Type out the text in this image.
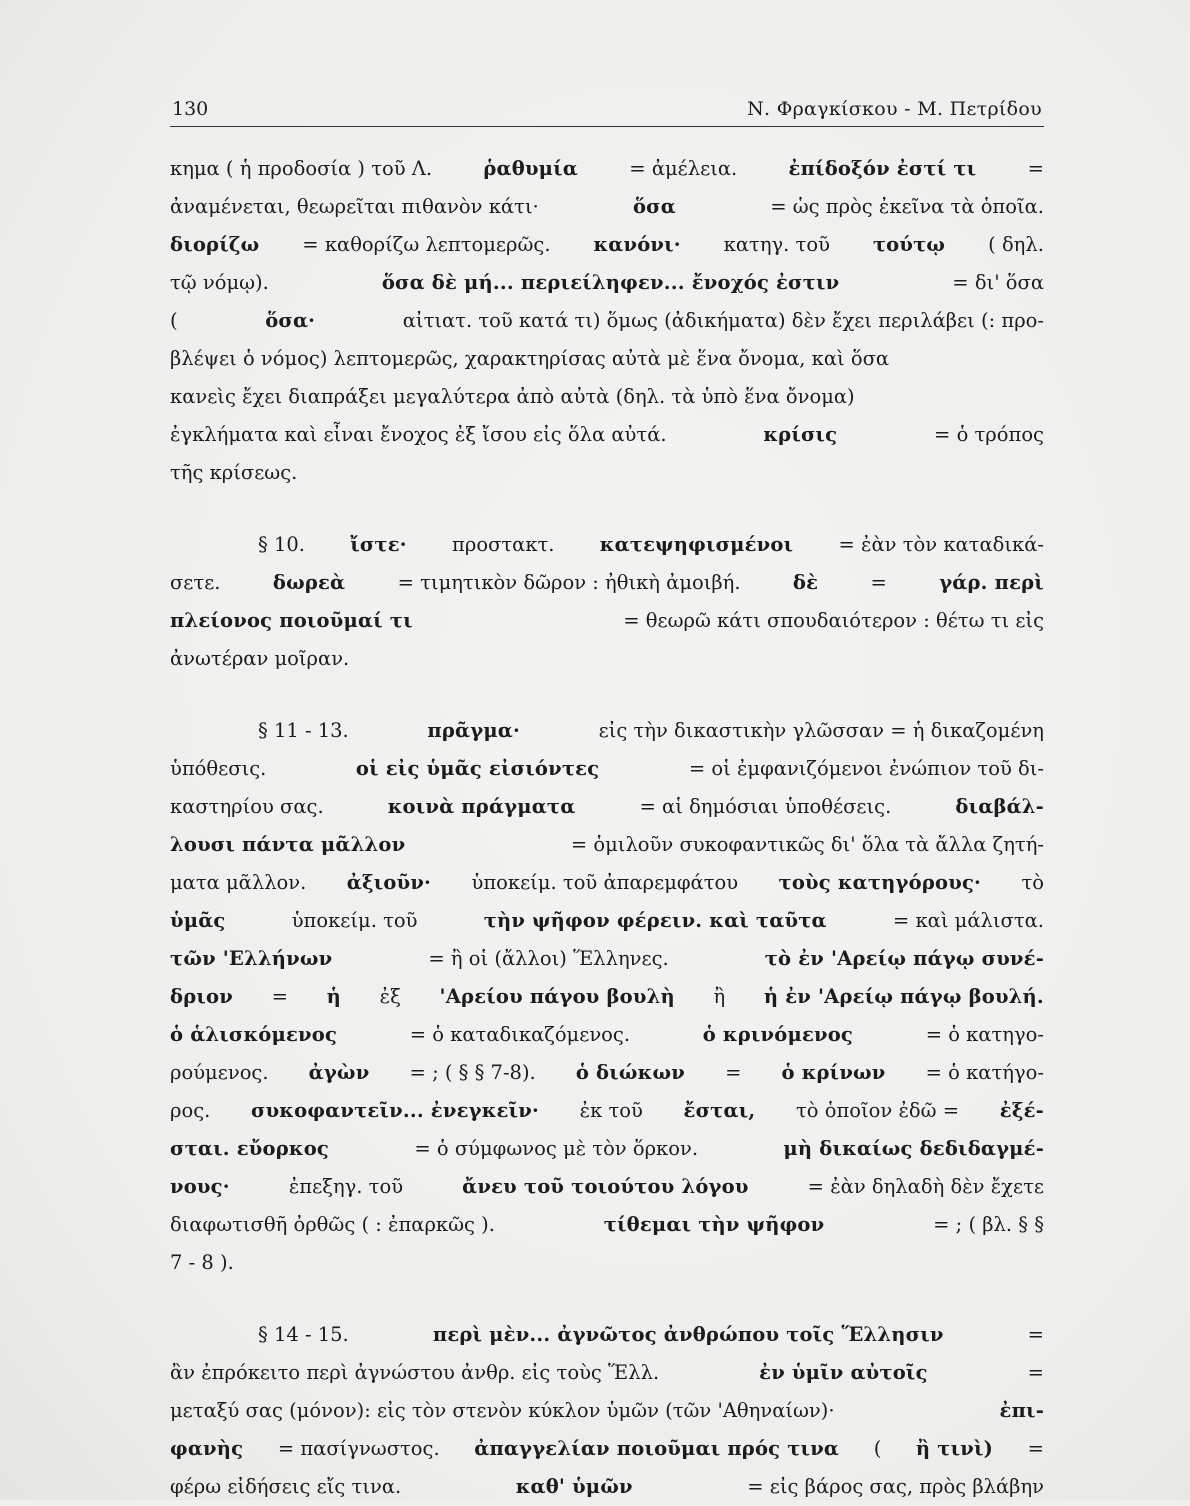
130	Ν. Φραγκίσκου - Μ. Πετρίδου
κημα ( ἡ προδοσία ) τοῦ Λ.	ῥαθυμία	= ἀμέλεια.	ἐπίδοξόν ἐστί τι	=
ἀναμένεται, θεωρεῖται πιθανὸν κάτι·	ὅσα	= ὡς πρὸς ἐκεῖνα τὰ ὁποῖα.
διορίζω = καθορίζω λεπτομερῶς. κανόνι· κατηγ. τοῦ τούτῳ ( δηλ.
τῷ νόμῳ).	ὅσα δὲ μή... περιείληφεν... ἔνοχός ἐστιν	= δι' ὅσα
(	ὅσα·	αἰτιατ. τοῦ κατά τι) ὅμως (ἀδικήματα) δὲν ἔχει περιλάβει (: προ-
βλέψει ὁ νόμος) λεπτομερῶς, χαρακτηρίσας αὐτὰ μὲ ἕνα ὄνομα, καὶ ὅσα
κανεὶς ἔχει διαπράξει μεγαλύτερα ἀπὸ αὐτὰ (δηλ. τὰ ὑπὸ ἕνα ὄνομα)
ἐγκλήματα καὶ εἶναι ἔνοχος ἐξ ἴσου εἰς ὅλα αὐτά.	κρίσις	= ὁ τρόπος
τῆς κρίσεως.
§ 10. ἴστε· προστακτ. κατεψηφισμένοι = ἐὰν τὸν καταδικά-
σετε.	δωρεὰ	= τιμητικὸν δῶρον : ἠθικὴ ἀμοιβή.	δὲ	=	γάρ. περὶ
πλείονος ποιοῦμαί τι	= θεωρῶ κάτι σπουδαιότερον : θέτω τι εἰς
ἀνωτέραν μοῖραν.
§ 11 - 13.	πρᾶγμα·	εἰς τὴν δικαστικὴν γλῶσσαν = ἡ δικαζομένη
ὑπόθεσις.	οἱ εἰς ὑμᾶς εἰσιόντες	= οἱ ἐμφανιζόμενοι ἐνώπιον τοῦ δι-
καστηρίου σας.	κοινὰ πράγματα	= αἱ δημόσιαι ὑποθέσεις.	διαβάλ-
λουσι πάντα μᾶλλον	= ὁμιλοῦν συκοφαντικῶς δι' ὅλα τὰ ἄλλα ζητή-
ματα μᾶλλον. ἀξιοῦν· ὑποκείμ. τοῦ ἀπαρεμφάτου τοὺς κατηγόρους· τὸ
ὑμᾶς	ὑποκείμ. τοῦ	τὴν ψῆφον φέρειν. καὶ ταῦτα	= καὶ μάλιστα.
τῶν 'Ελλήνων	= ἢ οἱ (ἄλλοι) Ἕλληνες.	τὸ ἐν 'Αρείῳ πάγῳ συνέ-
δριον = ἡ ἐξ 'Αρείου πάγου βουλὴ ἢ ἡ ἐν 'Αρείῳ πάγῳ βουλή.
ὁ ἁλισκόμενος	= ὁ καταδικαζόμενος.	ὁ κρινόμενος	= ὁ κατηγο-
ρούμενος. ἀγὼν = ; ( § § 7-8). ὁ διώκων = ὁ κρίνων = ὁ κατήγο-
ρος. συκοφαντεῖν... ἐνεγκεῖν· ἐκ τοῦ ἔσται, τὸ ὁποῖον ἐδῶ = ἐξέ-
σται. εὔορκος	= ὁ σύμφωνος μὲ τὸν ὅρκον.	μὴ δικαίως δεδιδαγμέ-
νους·	ἐπεξηγ. τοῦ	ἄνευ τοῦ τοιούτου λόγου	= ἐὰν δηλαδὴ δὲν ἔχετε
διαφωτισθῆ ὀρθῶς ( : ἐπαρκῶς ).	τίθεμαι τὴν ψῆφον	= ; ( βλ. § §
7 - 8 ).
§ 14 - 15.	περὶ μὲν... ἀγνῶτος ἀνθρώπου τοῖς Ἕλλησιν	=
ἂν ἐπρόκειτο περὶ ἀγνώστου ἀνθρ. εἰς τοὺς Ἕλλ.	ἐν ὑμῖν αὐτοῖς	=
μεταξύ σας (μόνον): εἰς τὸν στενὸν κύκλον ὑμῶν (τῶν 'Αθηναίων)·	ἐπι-
φανὴς = πασίγνωστος. ἀπαγγελίαν ποιοῦμαι πρός τινα ( ἢ τινὶ) =
φέρω εἰδήσεις εἴς τινα.	καθ' ὑμῶν	= εἰς βάρος σας, πρὸς βλάβην
